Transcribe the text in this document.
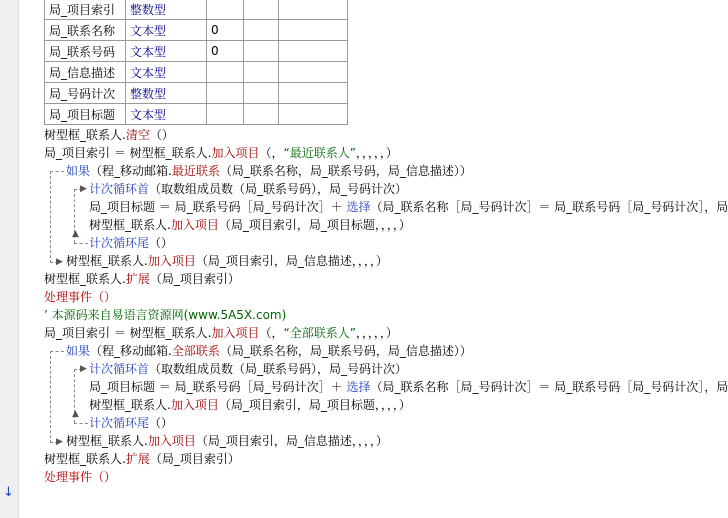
↓
局_项目索引	整数型			
局_联系名称	文本型	0		
局_联系号码	文本型	0		
局_信息描述	文本型			
局_号码计次	整数型			
局_项目标题	文本型			
▶
▶
▲
▶
▶
▲
树型框_联系人.清空（）
局_项目索引 ＝ 树型框_联系人.加入项目（，“最近联系人”，，，，，）
如果（程_移动邮箱.最近联系（局_联系名称，局_联系号码，局_信息描述））
计次循环首（取数组成员数（局_联系号码），局_号码计次）
局_项目标题 ＝ 局_联系号码［局_号码计次］＋ 选择（局_联系名称［局_号码计次］＝ 局_联系号码［局_号码计次］，局
树型框_联系人.加入项目（局_项目索引，局_项目标题，，，，）
计次循环尾（）
树型框_联系人.加入项目（局_项目索引，局_信息描述，，，，）
树型框_联系人.扩展（局_项目索引）
处理事件（）
’ 本源码来自易语言资源网(www.5A5X.com)
局_项目索引 ＝ 树型框_联系人.加入项目（，“全部联系人”，，，，，）
如果（程_移动邮箱.全部联系（局_联系名称，局_联系号码，局_信息描述））
计次循环首（取数组成员数（局_联系号码），局_号码计次）
局_项目标题 ＝ 局_联系号码［局_号码计次］＋ 选择（局_联系名称［局_号码计次］＝ 局_联系号码［局_号码计次］，局
树型框_联系人.加入项目（局_项目索引，局_项目标题，，，，）
计次循环尾（）
树型框_联系人.加入项目（局_项目索引，局_信息描述，，，，）
树型框_联系人.扩展（局_项目索引）
处理事件（）
